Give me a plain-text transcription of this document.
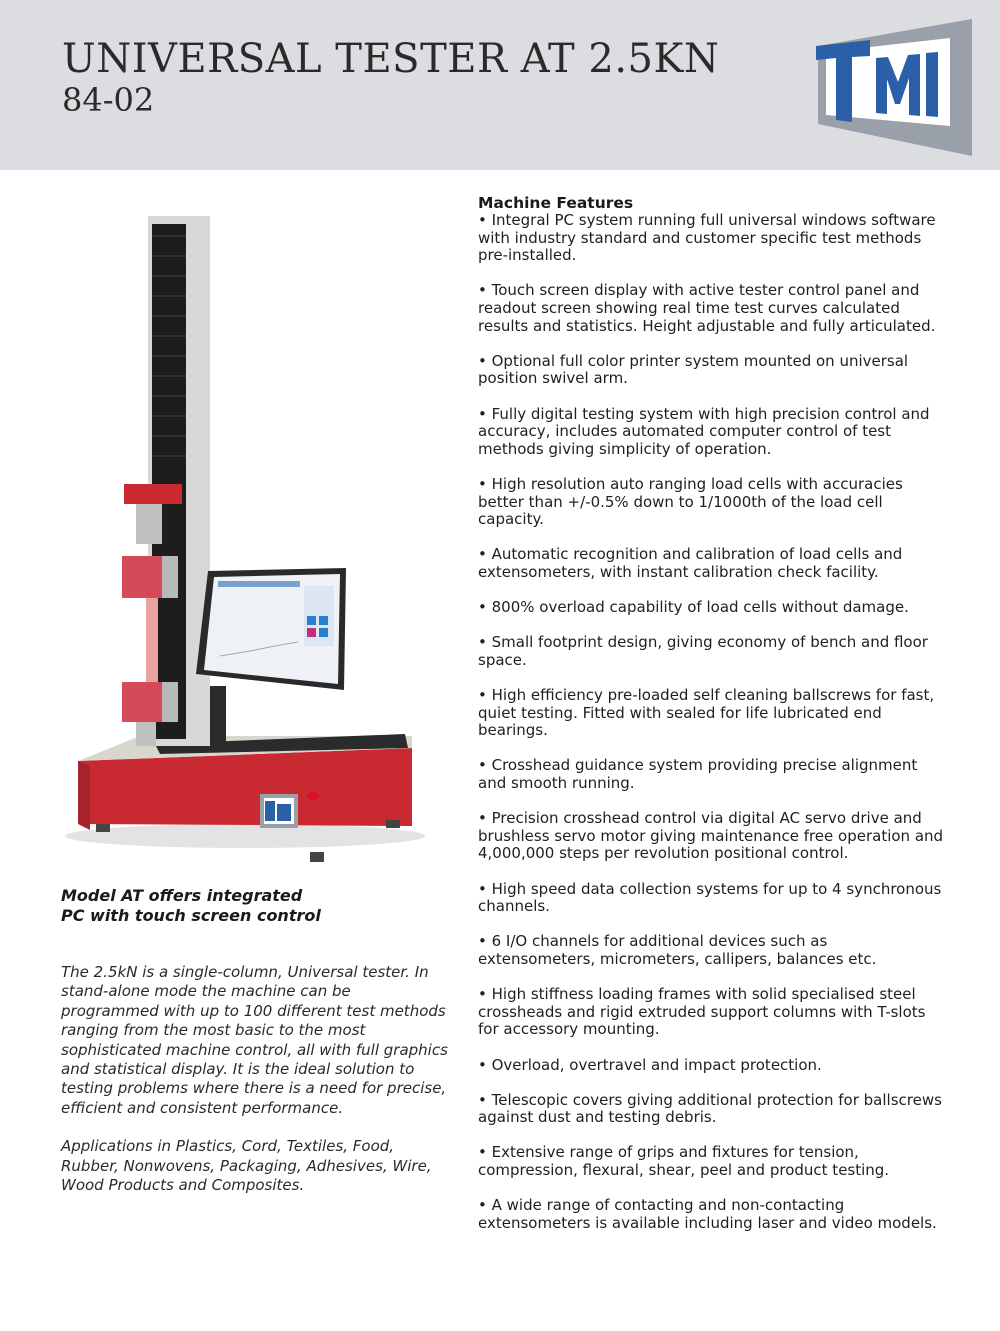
UNIVERSAL TESTER AT 2.5KN
84-02
Model AT offers integrated
PC with touch screen control

The 2.5kN is a single-column, Universal tester. In stand-alone mode the machine can be programmed with up to 100 different test methods ranging from the most basic to the most sophisticated machine control, all with full graphics and statistical display. It is the ideal solution to testing problems where there is a need for precise, efficient and consistent performance.

Applications in Plastics, Cord, Textiles, Food, Rubber, Nonwovens, Packaging, Adhesives, Wire, Wood Products and Composites.

Machine Features
• Integral PC system running full universal windows software with industry standard and customer specific test methods pre-installed.
• Touch screen display with active tester control panel and readout screen showing real time test curves calculated results and statistics. Height adjustable and fully articulated.
• Optional full color printer system mounted on universal position swivel arm.
• Fully digital testing system with high precision control and accuracy, includes automated computer control of test methods giving simplicity of operation.
• High resolution auto ranging load cells with accuracies better than +/-0.5% down to 1/1000th of the load cell capacity.
• Automatic recognition and calibration of load cells and extensometers, with instant calibration check facility.
• 800% overload capability of load cells without damage.
• Small footprint design, giving economy of bench and floor space.
• High efficiency pre-loaded self cleaning ballscrews for fast, quiet testing. Fitted with sealed for life lubricated end bearings.
• Crosshead guidance system providing precise alignment and smooth running.
• Precision crosshead control via digital AC servo drive and brushless servo motor giving maintenance free operation and 4,000,000 steps per revolution positional control.
• High speed data collection systems for up to 4 synchronous channels.
• 6 I/O channels for additional devices such as extensometers, micrometers, callipers, balances etc.
• High stiffness loading frames with solid specialised steel crossheads and rigid extruded support columns with T-slots for accessory mounting.
• Overload, overtravel and impact protection.
• Telescopic covers giving additional protection for ballscrews against dust and testing debris.
• Extensive range of grips and fixtures for tension, compression, flexural, shear, peel and product testing.
• A wide range of contacting and non-contacting extensometers is available including laser and video models.
